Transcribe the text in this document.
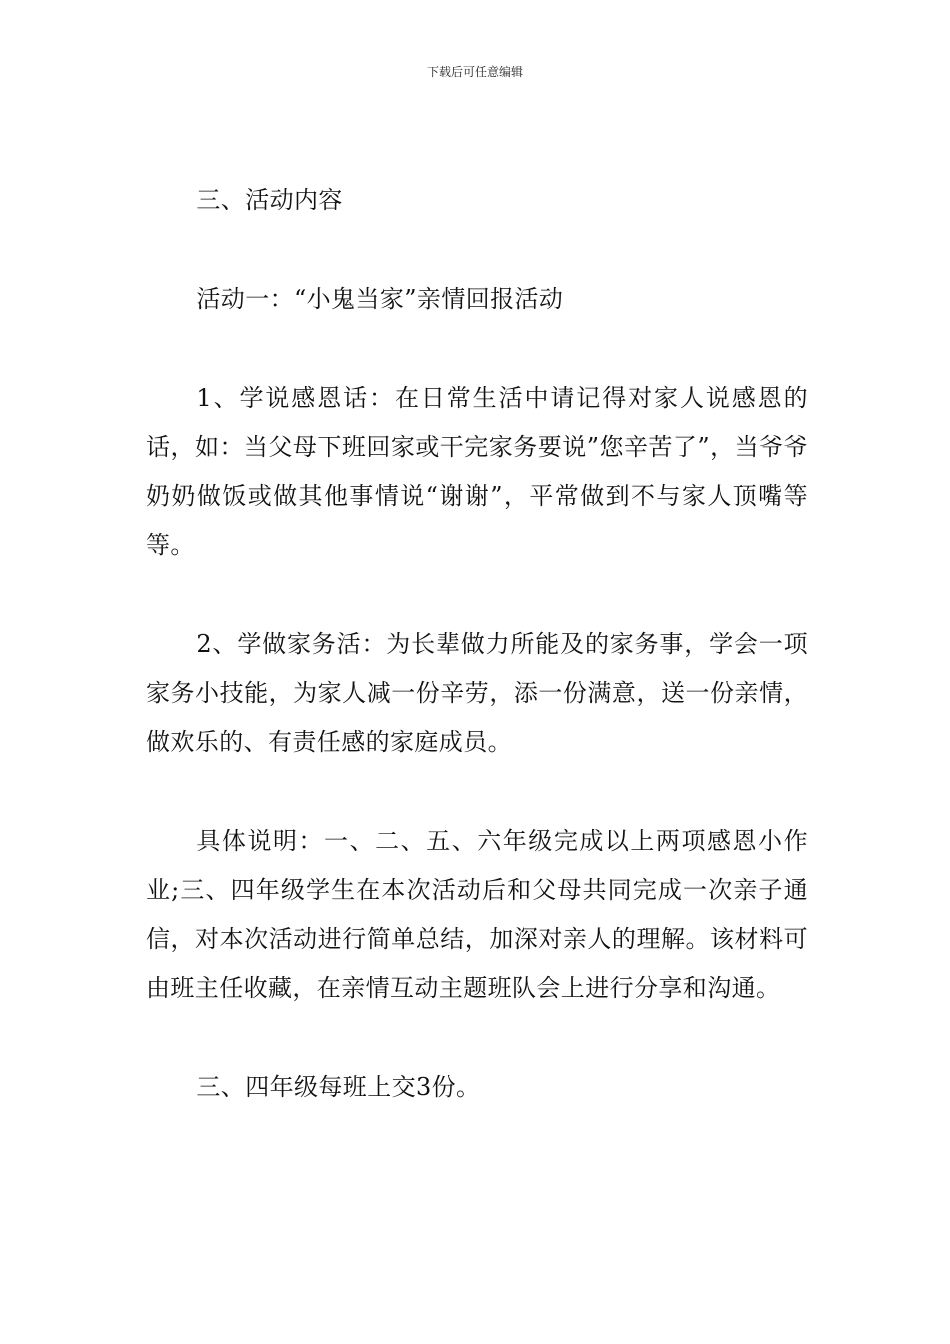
下载后可任意编辑

三、活动内容

活动一：“小鬼当家”亲情回报活动

1、学说感恩话：在日常生活中请记得对家人说感恩的话，如：当父母下班回家或干完家务要说”您辛苦了”，当爷爷奶奶做饭或做其他事情说“谢谢”，平常做到不与家人顶嘴等等。

2、学做家务活：为长辈做力所能及的家务事，学会一项家务小技能，为家人减一份辛劳，添一份满意，送一份亲情，做欢乐的、有责任感的家庭成员。

具体说明：一、二、五、六年级完成以上两项感恩小作业;三、四年级学生在本次活动后和父母共同完成一次亲子通信，对本次活动进行简单总结，加深对亲人的理解。该材料可由班主任收藏，在亲情互动主题班队会上进行分享和沟通。

三、四年级每班上交3份。
